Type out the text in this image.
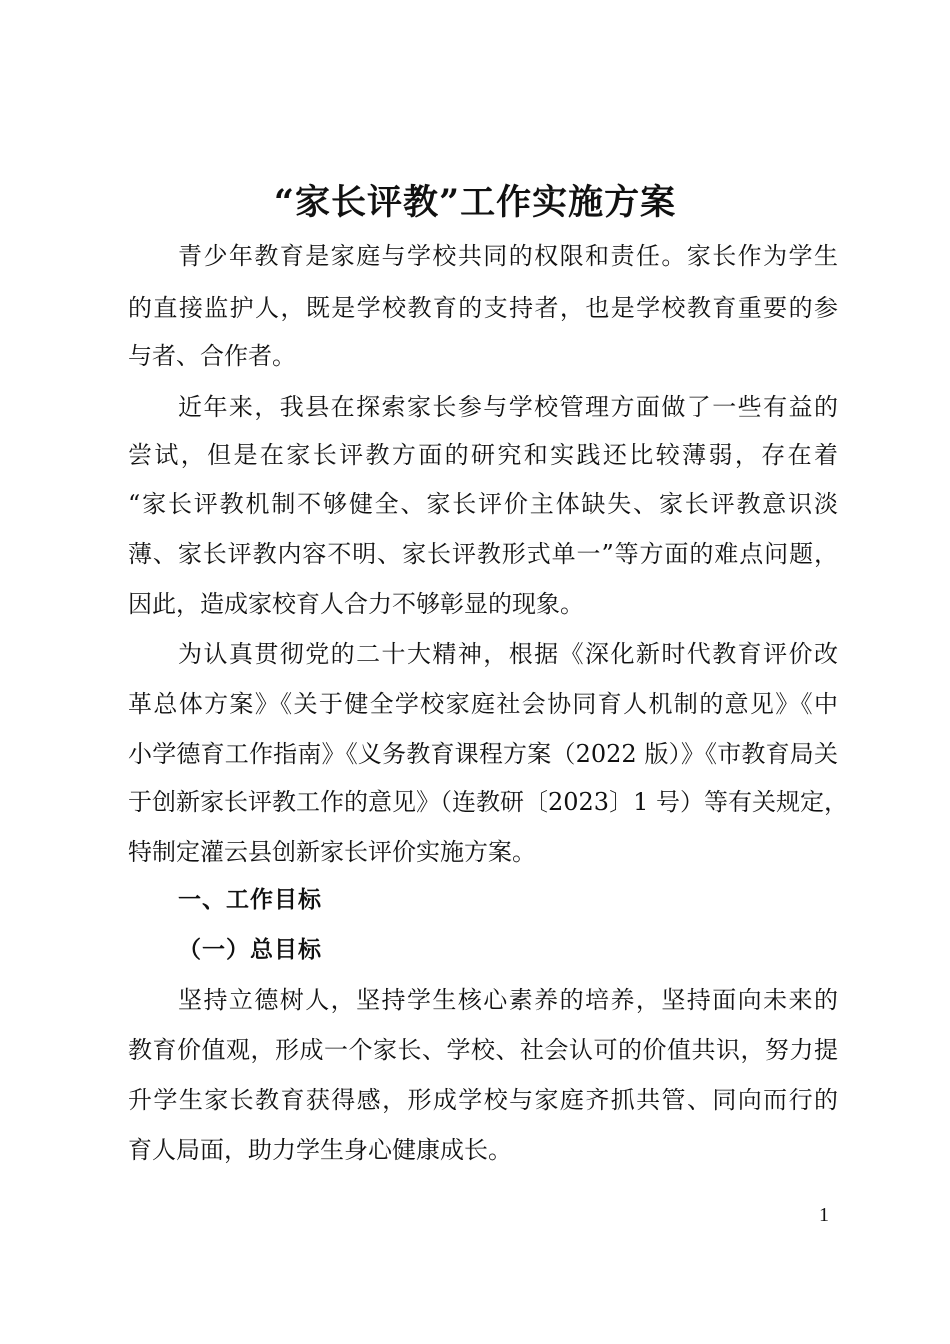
“家长评教”工作实施方案
青少年教育是家庭与学校共同的权限和责任。家长作为学生
的直接监护人，既是学校教育的支持者，也是学校教育重要的参
与者、合作者。
近年来，我县在探索家长参与学校管理方面做了一些有益的
尝试，但是在家长评教方面的研究和实践还比较薄弱，存在着
“家长评教机制不够健全、家长评价主体缺失、家长评教意识淡
薄、家长评教内容不明、家长评教形式单一”等方面的难点问题，
因此，造成家校育人合力不够彰显的现象。
为认真贯彻党的二十大精神，根据《深化新时代教育评价改
革总体方案》《关于健全学校家庭社会协同育人机制的意见》《中
小学德育工作指南》《义务教育课程方案（2022 版）》《市教育局关
于创新家长评教工作的意见》（连教研〔2023〕1 号）等有关规定，
特制定灌云县创新家长评价实施方案。
一、工作目标
（一）总目标
坚持立德树人，坚持学生核心素养的培养，坚持面向未来的
教育价值观，形成一个家长、学校、社会认可的价值共识，努力提
升学生家长教育获得感，形成学校与家庭齐抓共管、同向而行的
育人局面，助力学生身心健康成长。
1
